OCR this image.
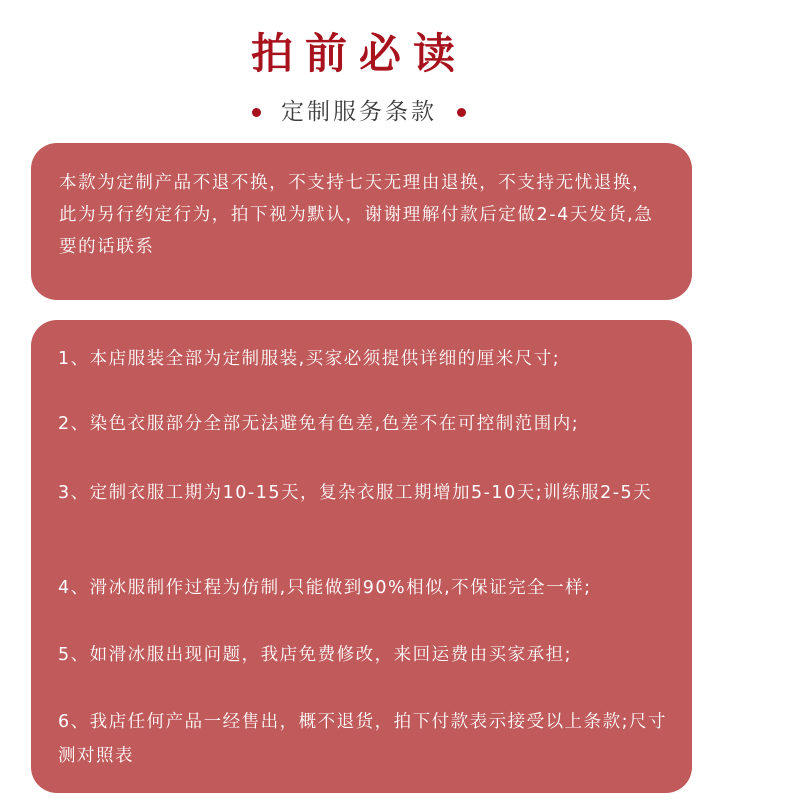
拍前必读
定制服务条款
本款为定制产品不退不换，不支持七天无理由退换，不支持无忧退换，此为另行约定行为，拍下视为默认，谢谢理解付款后定做2-4天发货,急要的话联系
1、本店服装全部为定制服装,买家必须提供详细的厘米尺寸;
2、染色衣服部分全部无法避免有色差,色差不在可控制范围内;
3、定制衣服工期为10-15天，复杂衣服工期增加5-10天;训练服2-5天
4、滑冰服制作过程为仿制,只能做到90%相似,不保证完全一样;
5、如滑冰服出现问题，我店免费修改，来回运费由买家承担;
6、我店任何产品一经售出，概不退货，拍下付款表示接受以上条款;尺寸测对照表
